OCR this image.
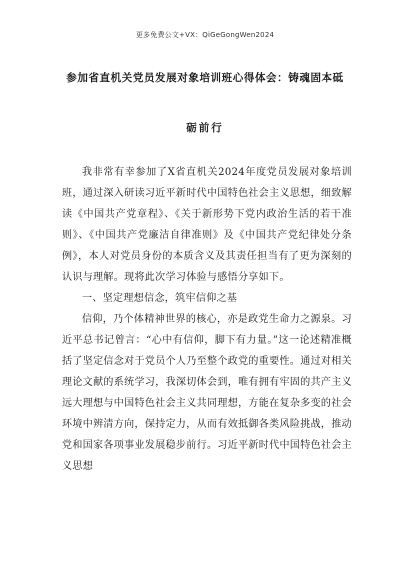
更多免费公文+VX：QiGeGongWen2024
参加省直机关党员发展对象培训班心得体会：铸魂固本砥
砺前行

我非常有幸参加了X省直机关2024年度党员发展对象培训班，通过深入研读习近平新时代中国特色社会主义思想，细致解读《中国共产党章程》、《关于新形势下党内政治生活的若干准则》、《中国共产党廉洁自律准则》及《中国共产党纪律处分条例》，本人对党员身份的本质含义及其责任担当有了更为深刻的认识与理解。现将此次学习体验与感悟分享如下。

一、坚定理想信念，筑牢信仰之基

信仰，乃个体精神世界的核心，亦是政党生命力之源泉。习近平总书记曾言：“心中有信仰，脚下有力量。”这一论述精准概括了坚定信念对于党员个人乃至整个政党的重要性。通过对相关理论文献的系统学习，我深切体会到，唯有拥有牢固的共产主义远大理想与中国特色社会主义共同理想，方能在复杂多变的社会环境中辨清方向，保持定力，从而有效抵御各类风险挑战，推动党和国家各项事业发展稳步前行。习近平新时代中国特色社会主义思想
